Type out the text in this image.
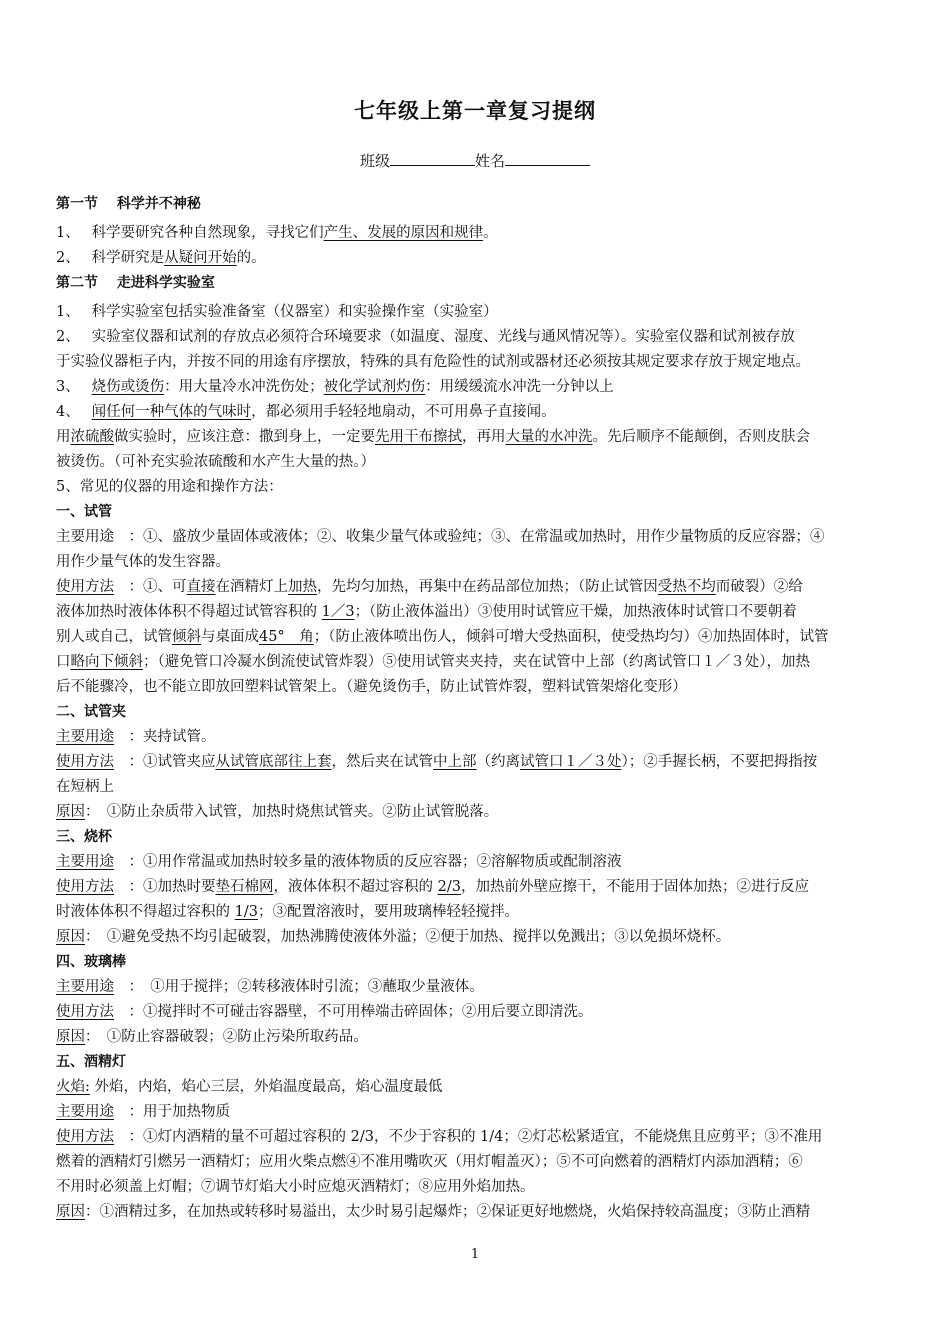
七年级上第一章复习提纲
班级	姓名
第一节　 科学并不神秘
1、　 科学要研究各种自然现象，寻找它们产生、发展的原因和规律。
2、　 科学研究是从疑问开始的。
第二节　 走进科学实验室
1、　 科学实验室包括实验准备室（仪器室）和实验操作室（实验室）
2、　 实验室仪器和试剂的存放点必须符合环境要求（如温度、湿度、光线与通风情况等）。实验室仪器和试剂被存放
于实验仪器柜子内，并按不同的用途有序摆放，特殊的具有危险性的试剂或器材还必须按其规定要求存放于规定地点。
3、　 烧伤或烫伤：用大量冷水冲洗伤处；被化学试剂灼伤：用缓缓流水冲洗一分钟以上
4、　 闻任何一种气体的气味时，都必须用手轻轻地扇动，不可用鼻子直接闻。
用浓硫酸做实验时，应该注意：撒到身上，一定要先用干布擦拭，再用大量的水冲洗。先后顺序不能颠倒，否则皮肤会
被烫伤。（可补充实验浓硫酸和水产生大量的热。）
5、常见的仪器的用途和操作方法：
一、试管
主要用途　：①、盛放少量固体或液体；②、收集少量气体或验纯；③、在常温或加热时，用作少量物质的反应容器；④
用作少量气体的发生容器。
使用方法　：①、可直接在酒精灯上加热，先均匀加热，再集中在药品部位加热；（防止试管因受热不均而破裂）②给
液体加热时液体体积不得超过试管容积的 1／3；（防止液体溢出）③使用时试管应干燥，加热液体时试管口不要朝着
别人或自己，试管倾斜与桌面成45°　角；（防止液体喷出伤人，倾斜可增大受热面积，使受热均匀）④加热固体时，试管
口略向下倾斜；（避免管口冷凝水倒流使试管炸裂）⑤使用试管夹夹持，夹在试管中上部（约离试管口１／３处），加热
后不能骤冷，也不能立即放回塑料试管架上。（避免烫伤手，防止试管炸裂，塑料试管架熔化变形）
二、试管夹
主要用途　：夹持试管。
使用方法　：①试管夹应从试管底部往上套，然后夹在试管中上部（约离试管口１／３处）；②手握长柄，不要把拇指按
在短柄上
原因：　①防止杂质带入试管，加热时烧焦试管夹。②防止试管脱落。
三、烧杯
主要用途　：①用作常温或加热时较多量的液体物质的反应容器；②溶解物质或配制溶液
使用方法　：①加热时要垫石棉网，液体体积不超过容积的 2/3，加热前外壁应擦干，不能用于固体加热；②进行反应
时液体体积不得超过容积的 1/3；③配置溶液时，要用玻璃棒轻轻搅拌。
原因：　①避免受热不均引起破裂，加热沸腾使液体外溢；②便于加热、搅拌以免溅出；③以免损坏烧杯。
四、玻璃棒
主要用途　：　①用于搅拌；②转移液体时引流；③蘸取少量液体。
使用方法　：①搅拌时不可碰击容器壁，不可用棒端击碎固体；②用后要立即清洗。
原因：　①防止容器破裂；②防止污染所取药品。
五、酒精灯
火焰: 外焰，内焰，焰心三层，外焰温度最高，焰心温度最低
主要用途　：用于加热物质
使用方法　：①灯内酒精的量不可超过容积的 2/3，不少于容积的 1/4；②灯芯松紧适宜，不能烧焦且应剪平；③不准用
燃着的酒精灯引燃另一酒精灯；应用火柴点燃④不准用嘴吹灭（用灯帽盖灭）；⑤不可向燃着的酒精灯内添加酒精；⑥
不用时必须盖上灯帽；⑦调节灯焰大小时应熄灭酒精灯；⑧应用外焰加热。
原因：①酒精过多，在加热或转移时易溢出，太少时易引起爆炸；②保证更好地燃烧，火焰保持较高温度；③防止酒精
1
